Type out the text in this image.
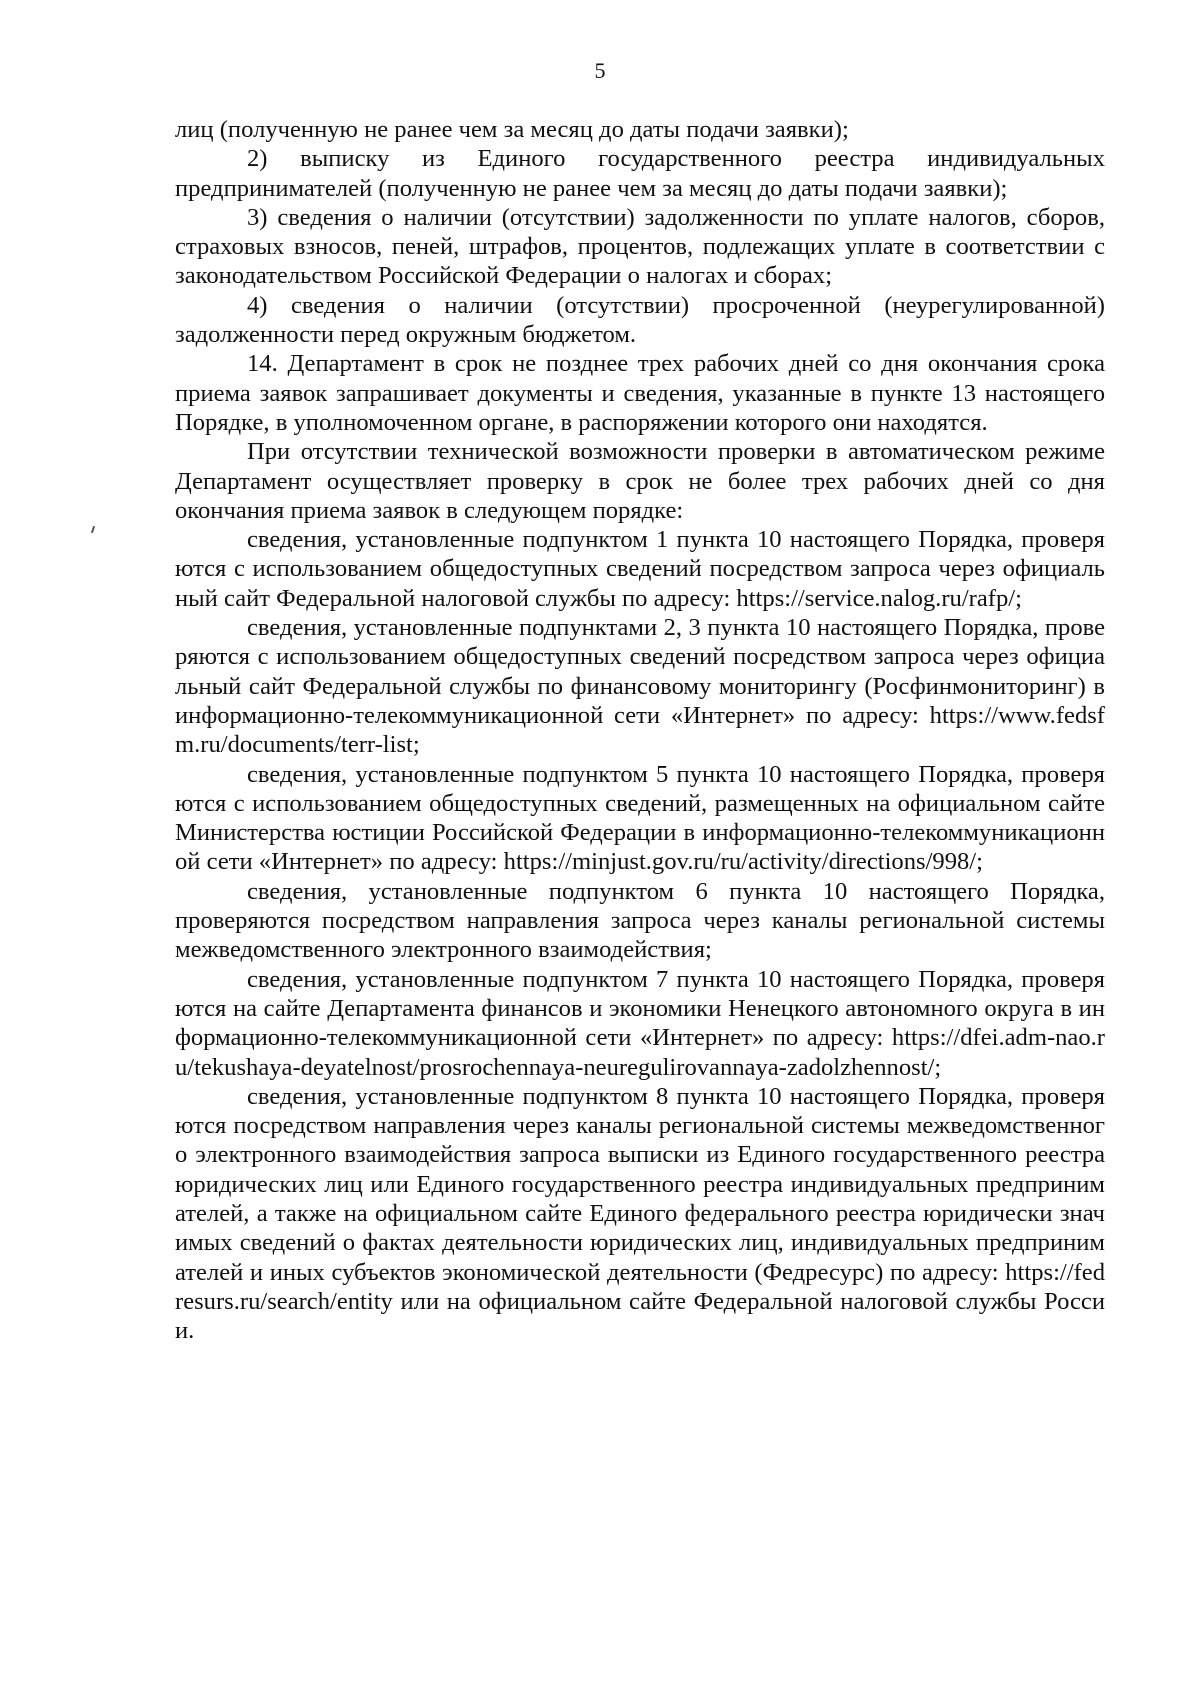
5

лиц (полученную не ранее чем за месяц до даты подачи заявки);

2) выписку из Единого государственного реестра индивидуальных предпринимателей (полученную не ранее чем за месяц до даты подачи заявки);

3) сведения о наличии (отсутствии) задолженности по уплате налогов, сборов, страховых взносов, пеней, штрафов, процентов, подлежащих уплате в соответствии с законодательством Российской Федерации о налогах и сборах;

4) сведения о наличии (отсутствии) просроченной (неурегулированной) задолженности перед окружным бюджетом.

14. Департамент в срок не позднее трех рабочих дней со дня окончания срока приема заявок запрашивает документы и сведения, указанные в пункте 13 настоящего Порядке, в уполномоченном органе, в распоряжении которого они находятся.

При отсутствии технической возможности проверки в автоматическом режиме Департамент осуществляет проверку в срок не более трех рабочих дней со дня окончания приема заявок в следующем порядке:

сведения, установленные подпунктом 1 пункта 10 настоящего Порядка, проверяются с использованием общедоступных сведений посредством запроса через официальный сайт Федеральной налоговой службы по адресу: https://service.nalog.ru/rafp/;

сведения, установленные подпунктами 2, 3 пункта 10 настоящего Порядка, проверяются с использованием общедоступных сведений посредством запроса через официальный сайт Федеральной службы по финансовому мониторингу (Росфинмониторинг) в информационно-телекоммуникационной сети «Интернет» по адресу: https://www.fedsfm.ru/documents/terr-list;

сведения, установленные подпунктом 5 пункта 10 настоящего Порядка, проверяются с использованием общедоступных сведений, размещенных на официальном сайте Министерства юстиции Российской Федерации в информационно-телекоммуникационной сети «Интернет» по адресу: https://minjust.gov.ru/ru/activity/directions/998/;

сведения, установленные подпунктом 6 пункта 10 настоящего Порядка, проверяются посредством направления запроса через каналы региональной системы межведомственного электронного взаимодействия;

сведения, установленные подпунктом 7 пункта 10 настоящего Порядка, проверяются на сайте Департамента финансов и экономики Ненецкого автономного округа в информационно-телекоммуникационной сети «Интернет» по адресу: https://dfei.adm-nao.ru/tekushaya-deyatelnost/prosrochennaya-neuregulirovannaya-zadolzhennost/;

сведения, установленные подпунктом 8 пункта 10 настоящего Порядка, проверяются посредством направления через каналы региональной системы межведомственного электронного взаимодействия запроса выписки из Единого государственного реестра юридических лиц или Единого государственного реестра индивидуальных предпринимателей, а также на официальном сайте Единого федерального реестра юридически значимых сведений о фактах деятельности юридических лиц, индивидуальных предпринимателей и иных субъектов экономической деятельности (Федресурс) по адресу: https://fedresurs.ru/search/entity или на официальном сайте Федеральной налоговой службы России.
